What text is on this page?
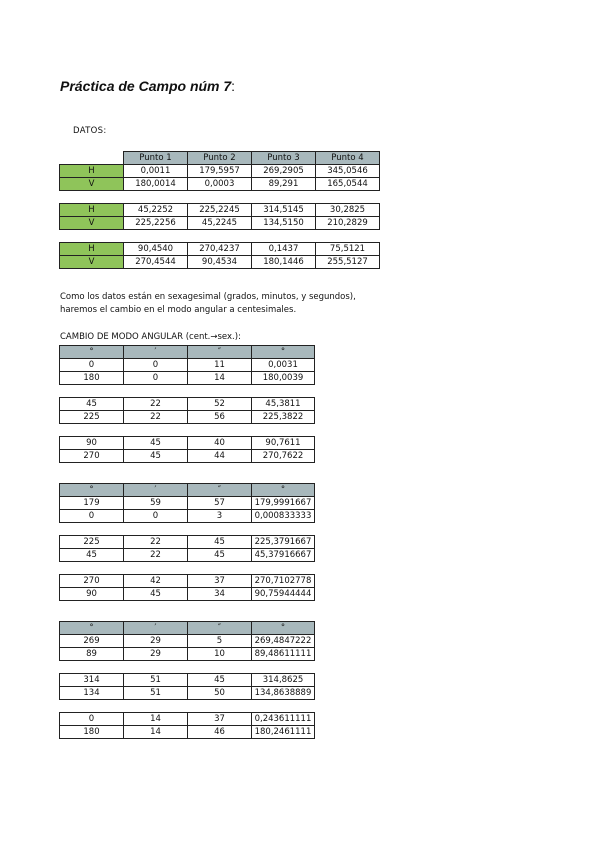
Práctica de Campo núm 7:
DATOS:
	Punto 1	Punto 2	Punto 3	Punto 4
H	0,0011	179,5957	269,2905	345,0546
V	180,0014	0,0003	89,291	165,0544

H	45,2252	225,2245	314,5145	30,2825
V	225,2256	45,2245	134,5150	210,2829

H	90,4540	270,4237	0,1437	75,5121
V	270,4544	90,4534	180,1446	255,5127
Como los datos están en sexagesimal (grados, minutos, y segundos),
haremos el cambio en el modo angular a centesimales.
CAMBIO DE MODO ANGULAR (cent.→sex.):
°	′	″	°
0	0	11	0,0031
180	0	14	180,0039

45	22	52	45,3811
225	22	56	225,3822

90	45	40	90,7611
270	45	44	270,7622
°	′	″	°
179	59	57	179,9991667
0	0	3	0,000833333

225	22	45	225,3791667
45	22	45	45,37916667

270	42	37	270,7102778
90	45	34	90,75944444
°	′	″	°
269	29	5	269,4847222
89	29	10	89,48611111

314	51	45	314,8625
134	51	50	134,8638889

0	14	37	0,243611111
180	14	46	180,2461111
